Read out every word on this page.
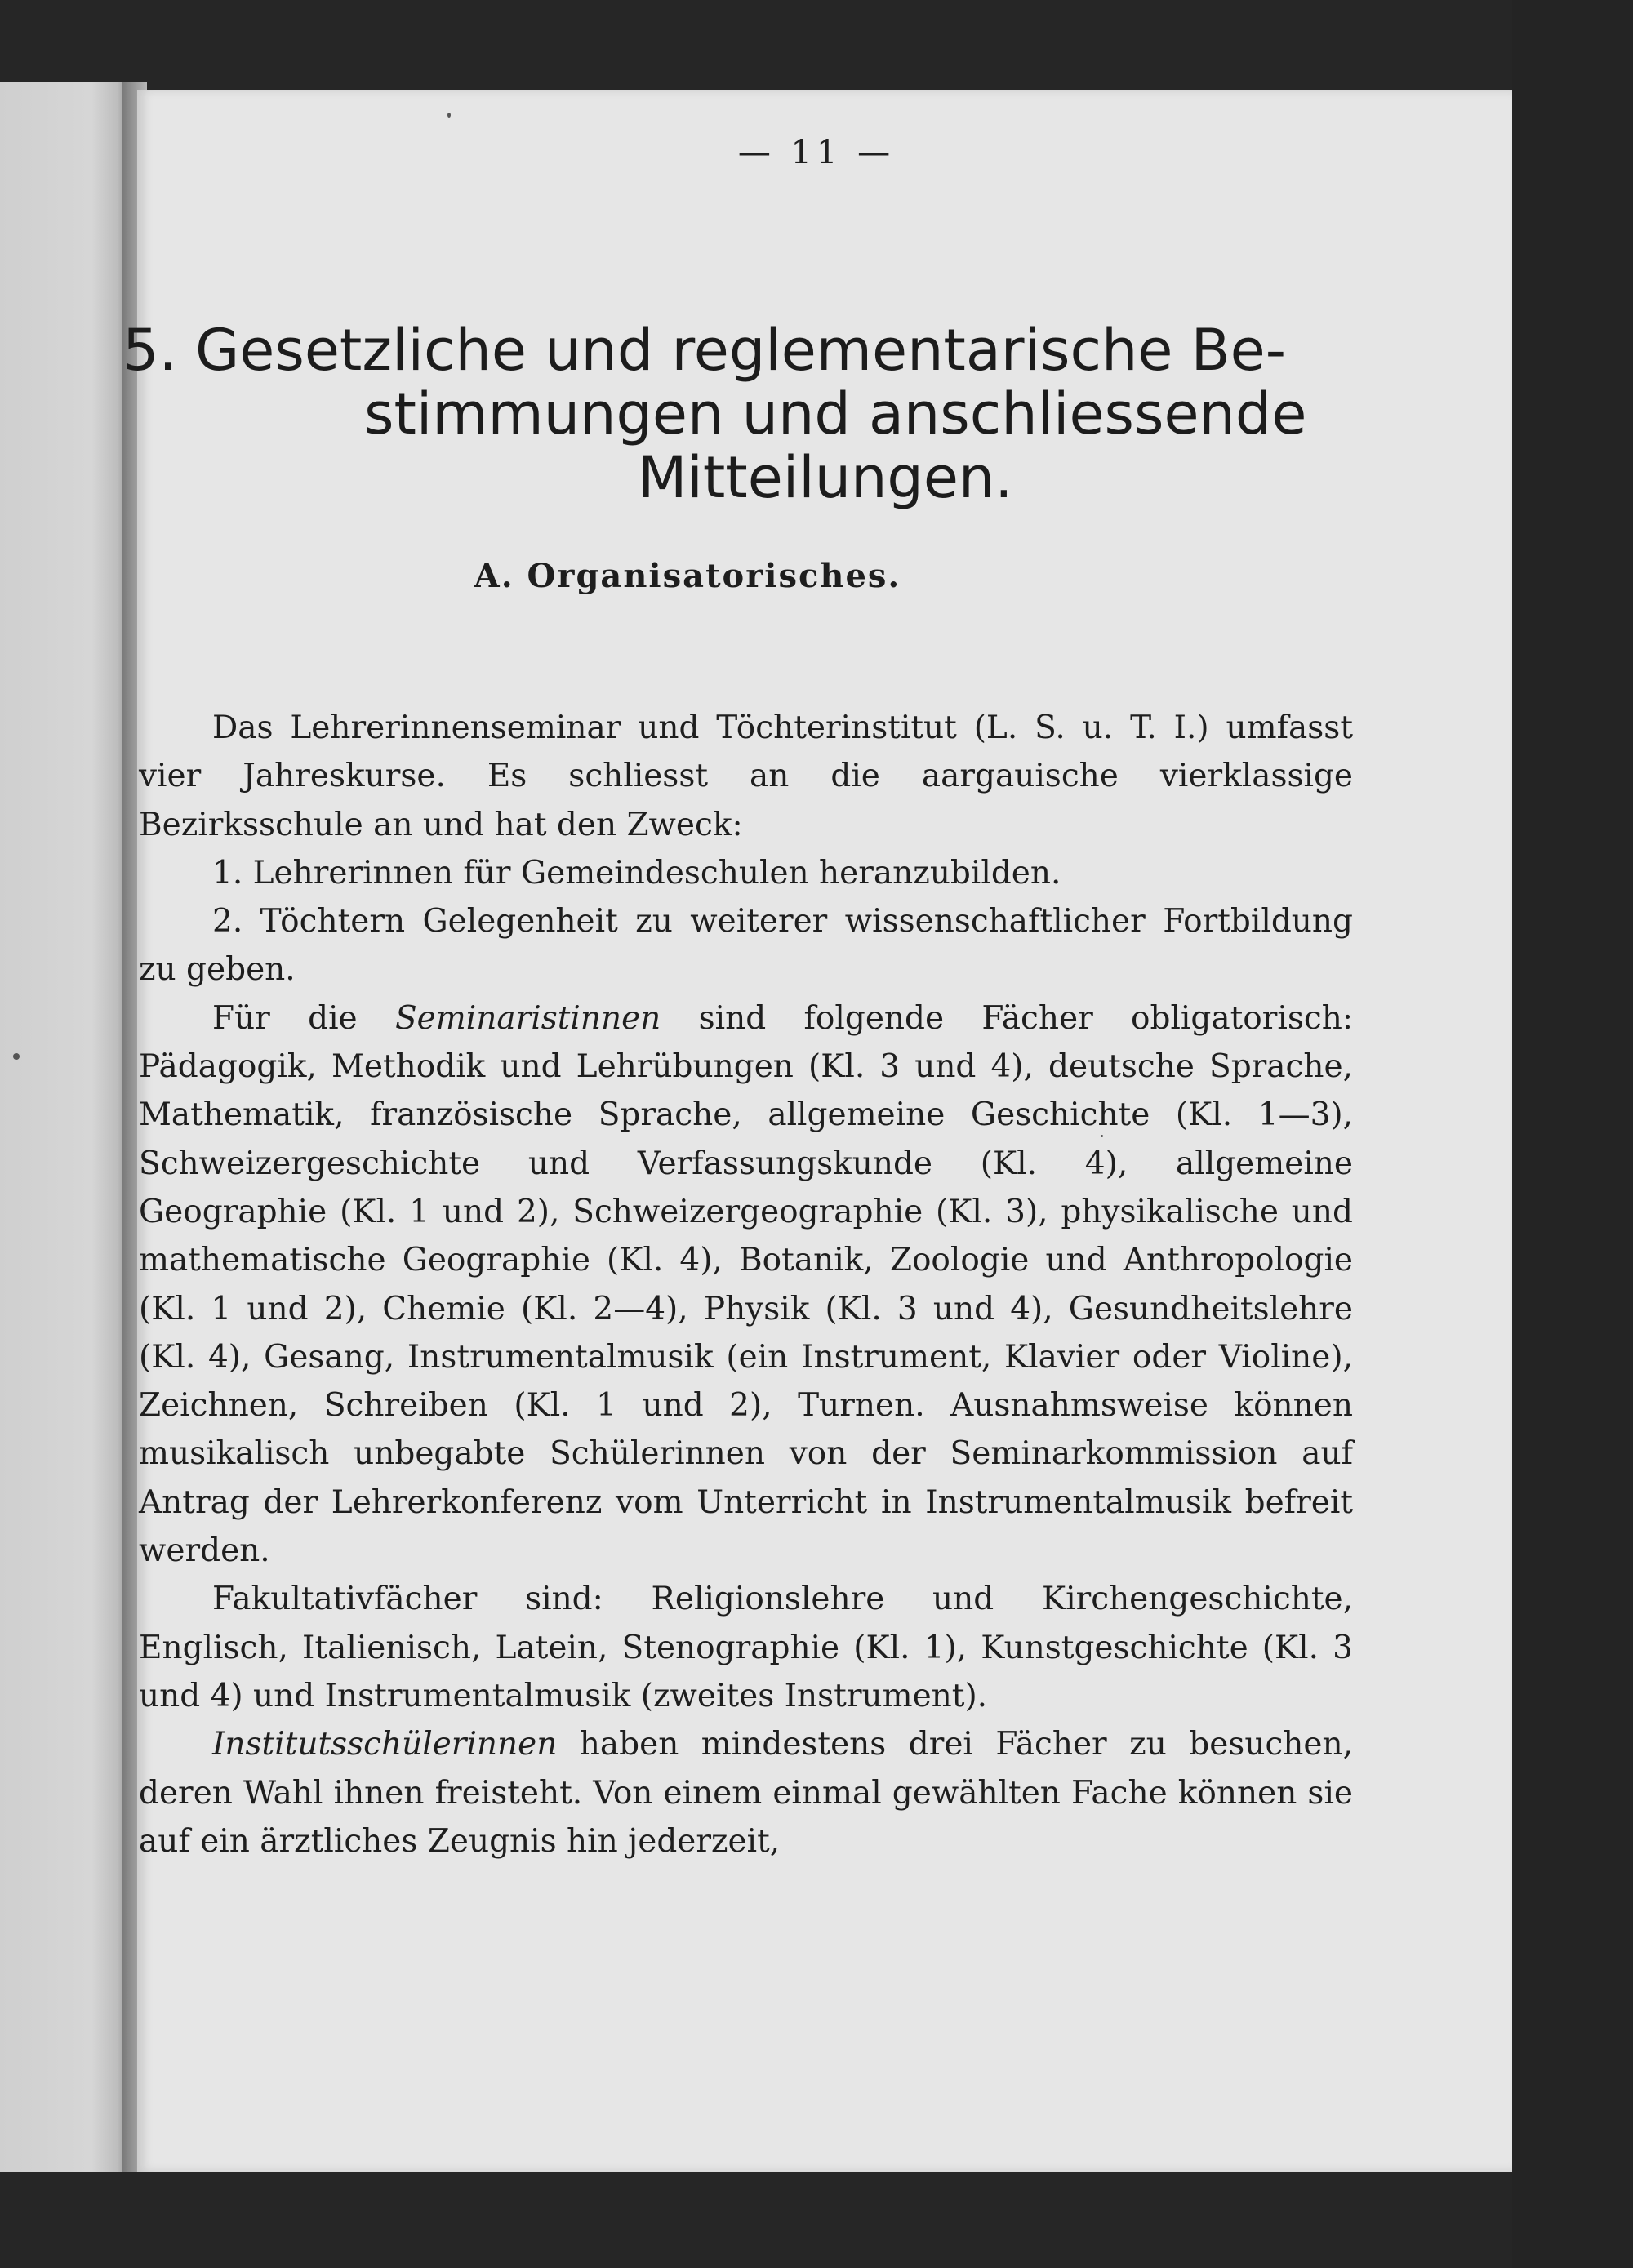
— 11 —
5. Gesetzliche und reglementarische Be-
stimmungen und anschliessende
Mitteilungen.
A. Organisatorisches.

Das Lehrerinnenseminar und Töchterinstitut (L. S. u. T. I.) umfasst vier Jahreskurse. Es schliesst an die aargauische vierklassige Bezirksschule an und hat den Zweck:

1. Lehrerinnen für Gemeindeschulen heranzubilden.

2. Töchtern Gelegenheit zu weiterer wissenschaftlicher Fortbildung zu geben.

Für die Seminaristinnen sind folgende Fächer obligatorisch: Pädagogik, Methodik und Lehrübungen (Kl. 3 und 4), deutsche Sprache, Mathematik, französische Sprache, allgemeine Geschichte (Kl. 1—3), Schweizergeschichte und Verfassungskunde (Kl. 4), allgemeine Geographie (Kl. 1 und 2), Schweizergeographie (Kl. 3), physikalische und mathematische Geographie (Kl. 4), Botanik, Zoologie und Anthropologie (Kl. 1 und 2), Chemie (Kl. 2—4), Physik (Kl. 3 und 4), Gesundheitslehre (Kl. 4), Gesang, Instrumentalmusik (ein Instrument, Klavier oder Violine), Zeichnen, Schreiben (Kl. 1 und 2), Turnen. Ausnahmsweise können musikalisch unbegabte Schülerinnen von der Seminarkommission auf Antrag der Lehrerkonferenz vom Unterricht in Instrumentalmusik befreit werden.

Fakultativfächer sind: Religionslehre und Kirchengeschichte, Englisch, Italienisch, Latein, Stenographie (Kl. 1), Kunstgeschichte (Kl. 3 und 4) und Instrumentalmusik (zweites Instrument).

Institutsschülerinnen haben mindestens drei Fächer zu besuchen, deren Wahl ihnen freisteht. Von einem einmal gewählten Fache können sie auf ein ärztliches Zeugnis hin jederzeit,
